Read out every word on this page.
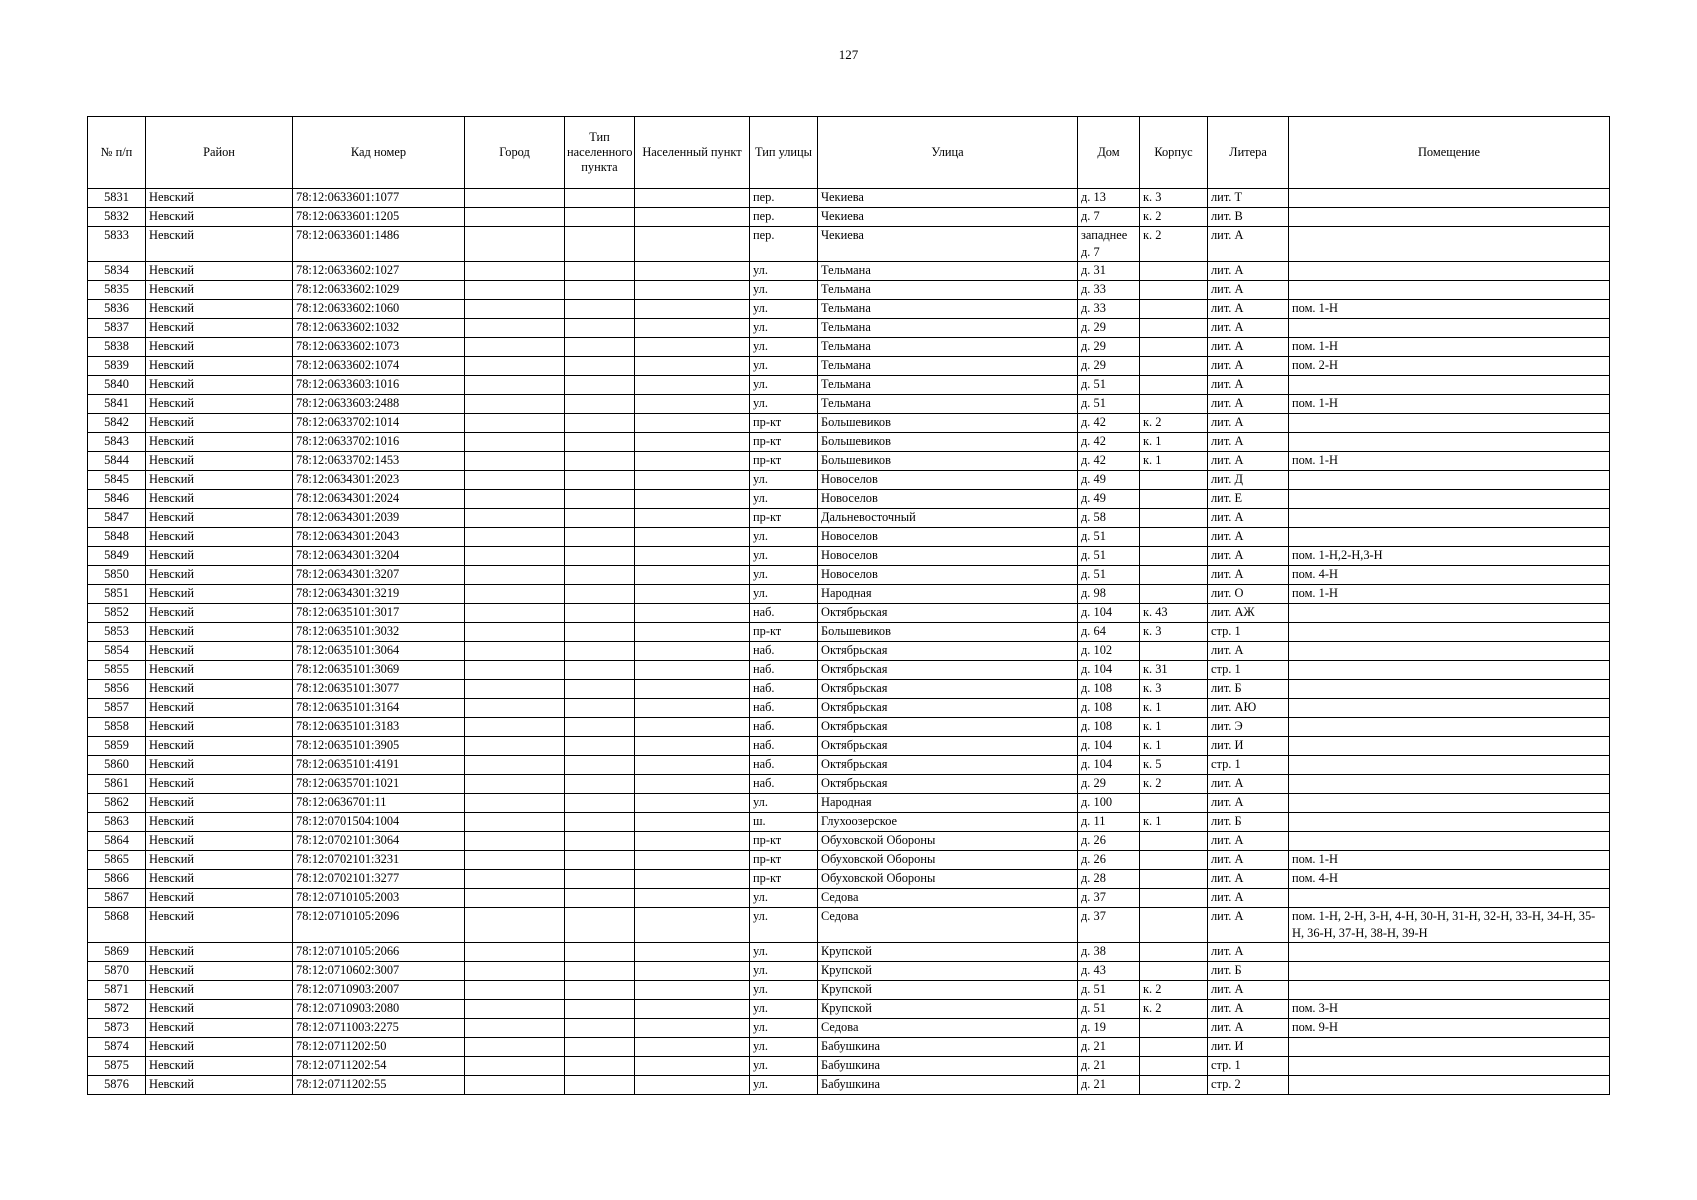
127
№ п/п	Район	Кад номер	Город	Тип населенного пункта	Населенный пункт	Тип улицы	Улица	Дом	Корпус	Литера	Помещение
5831	Невский	78:12:0633601:1077				пер.	Чекиева	д. 13	к. 3	лит. Т	
5832	Невский	78:12:0633601:1205				пер.	Чекиева	д. 7	к. 2	лит. В	
5833	Невский	78:12:0633601:1486				пер.	Чекиева	западнее д. 7	к. 2	лит. А	
5834	Невский	78:12:0633602:1027				ул.	Тельмана	д. 31		лит. А	
5835	Невский	78:12:0633602:1029				ул.	Тельмана	д. 33		лит. А	
5836	Невский	78:12:0633602:1060				ул.	Тельмана	д. 33		лит. А	пом. 1-Н
5837	Невский	78:12:0633602:1032				ул.	Тельмана	д. 29		лит. А	
5838	Невский	78:12:0633602:1073				ул.	Тельмана	д. 29		лит. А	пом. 1-Н
5839	Невский	78:12:0633602:1074				ул.	Тельмана	д. 29		лит. А	пом. 2-Н
5840	Невский	78:12:0633603:1016				ул.	Тельмана	д. 51		лит. А	
5841	Невский	78:12:0633603:2488				ул.	Тельмана	д. 51		лит. А	пом. 1-Н
5842	Невский	78:12:0633702:1014				пр-кт	Большевиков	д. 42	к. 2	лит. А	
5843	Невский	78:12:0633702:1016				пр-кт	Большевиков	д. 42	к. 1	лит. А	
5844	Невский	78:12:0633702:1453				пр-кт	Большевиков	д. 42	к. 1	лит. А	пом. 1-Н
5845	Невский	78:12:0634301:2023				ул.	Новоселов	д. 49		лит. Д	
5846	Невский	78:12:0634301:2024				ул.	Новоселов	д. 49		лит. Е	
5847	Невский	78:12:0634301:2039				пр-кт	Дальневосточный	д. 58		лит. А	
5848	Невский	78:12:0634301:2043				ул.	Новоселов	д. 51		лит. А	
5849	Невский	78:12:0634301:3204				ул.	Новоселов	д. 51		лит. А	пом. 1-Н,2-Н,3-Н
5850	Невский	78:12:0634301:3207				ул.	Новоселов	д. 51		лит. А	пом. 4-Н
5851	Невский	78:12:0634301:3219				ул.	Народная	д. 98		лит. О	пом. 1-Н
5852	Невский	78:12:0635101:3017				наб.	Октябрьская	д. 104	к. 43	лит. АЖ	
5853	Невский	78:12:0635101:3032				пр-кт	Большевиков	д. 64	к. 3	стр. 1	
5854	Невский	78:12:0635101:3064				наб.	Октябрьская	д. 102		лит. А	
5855	Невский	78:12:0635101:3069				наб.	Октябрьская	д. 104	к. 31	стр. 1	
5856	Невский	78:12:0635101:3077				наб.	Октябрьская	д. 108	к. 3	лит. Б	
5857	Невский	78:12:0635101:3164				наб.	Октябрьская	д. 108	к. 1	лит. АЮ	
5858	Невский	78:12:0635101:3183				наб.	Октябрьская	д. 108	к. 1	лит. Э	
5859	Невский	78:12:0635101:3905				наб.	Октябрьская	д. 104	к. 1	лит. И	
5860	Невский	78:12:0635101:4191				наб.	Октябрьская	д. 104	к. 5	стр. 1	
5861	Невский	78:12:0635701:1021				наб.	Октябрьская	д. 29	к. 2	лит. А	
5862	Невский	78:12:0636701:11				ул.	Народная	д. 100		лит. А	
5863	Невский	78:12:0701504:1004				ш.	Глухоозерское	д. 11	к. 1	лит. Б	
5864	Невский	78:12:0702101:3064				пр-кт	Обуховской Обороны	д. 26		лит. А	
5865	Невский	78:12:0702101:3231				пр-кт	Обуховской Обороны	д. 26		лит. А	пом. 1-Н
5866	Невский	78:12:0702101:3277				пр-кт	Обуховской Обороны	д. 28		лит. А	пом. 4-Н
5867	Невский	78:12:0710105:2003				ул.	Седова	д. 37		лит. А	
5868	Невский	78:12:0710105:2096				ул.	Седова	д. 37		лит. А	пом. 1-Н, 2-Н, 3-Н, 4-Н, 30-Н, 31-Н, 32-Н, 33-Н, 34-Н, 35-Н, 36-Н, 37-Н, 38-Н, 39-Н
5869	Невский	78:12:0710105:2066				ул.	Крупской	д. 38		лит. А	
5870	Невский	78:12:0710602:3007				ул.	Крупской	д. 43		лит. Б	
5871	Невский	78:12:0710903:2007				ул.	Крупской	д. 51	к. 2	лит. А	
5872	Невский	78:12:0710903:2080				ул.	Крупской	д. 51	к. 2	лит. А	пом. 3-Н
5873	Невский	78:12:0711003:2275				ул.	Седова	д. 19		лит. А	пом. 9-Н
5874	Невский	78:12:0711202:50				ул.	Бабушкина	д. 21		лит. И	
5875	Невский	78:12:0711202:54				ул.	Бабушкина	д. 21		стр. 1	
5876	Невский	78:12:0711202:55				ул.	Бабушкина	д. 21		стр. 2	
